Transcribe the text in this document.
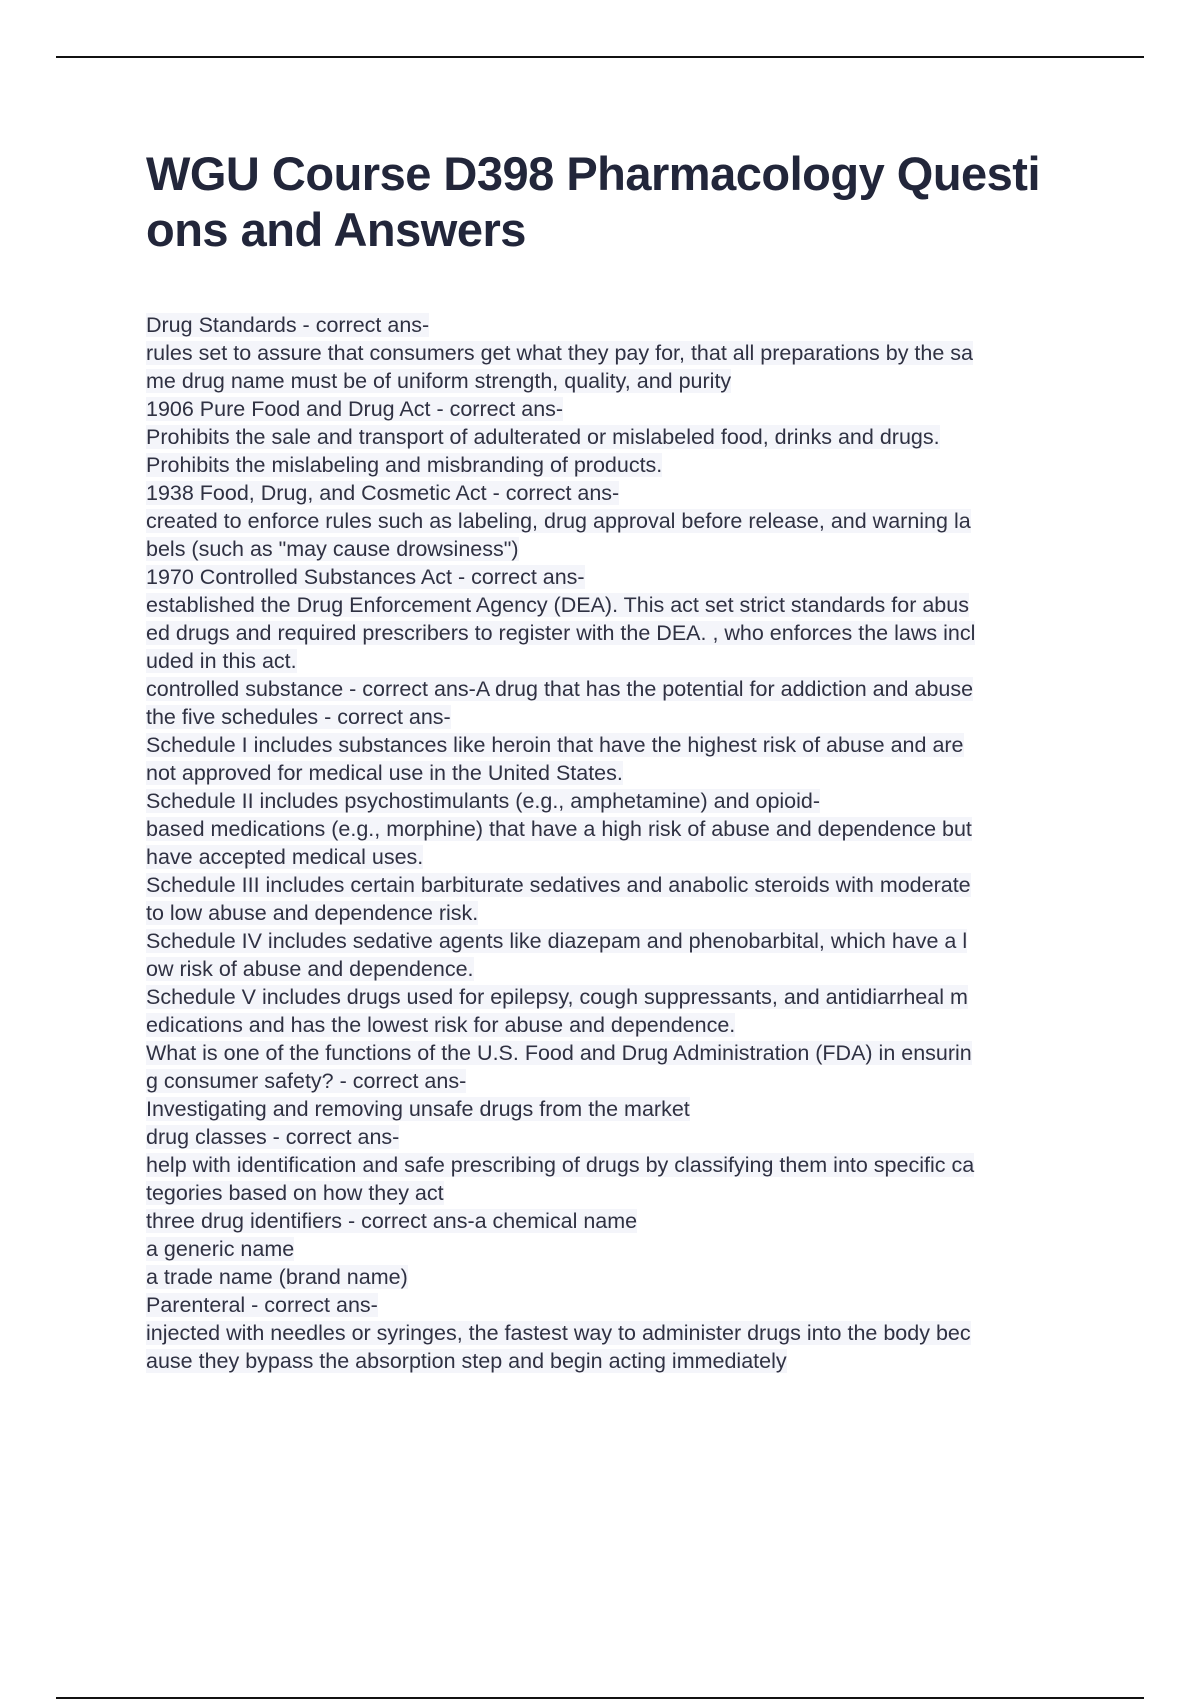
WGU Course D398 Pharmacology Questi
ons and Answers
Drug Standards - correct ans-
rules set to assure that consumers get what they pay for, that all preparations by the sa
me drug name must be of uniform strength, quality, and purity
1906 Pure Food and Drug Act - correct ans-
Prohibits the sale and transport of adulterated or mislabeled food, drinks and drugs.
Prohibits the mislabeling and misbranding of products.
1938 Food, Drug, and Cosmetic Act - correct ans-
created to enforce rules such as labeling, drug approval before release, and warning la
bels (such as "may cause drowsiness")
1970 Controlled Substances Act - correct ans-
established the Drug Enforcement Agency (DEA). This act set strict standards for abus
ed drugs and required prescribers to register with the DEA. , who enforces the laws incl
uded in this act.
controlled substance - correct ans-A drug that has the potential for addiction and abuse
the five schedules - correct ans-
Schedule I includes substances like heroin that have the highest risk of abuse and are
not approved for medical use in the United States.
Schedule II includes psychostimulants (e.g., amphetamine) and opioid-
based medications (e.g., morphine) that have a high risk of abuse and dependence but
have accepted medical uses.
Schedule III includes certain barbiturate sedatives and anabolic steroids with moderate
to low abuse and dependence risk.
Schedule IV includes sedative agents like diazepam and phenobarbital, which have a l
ow risk of abuse and dependence.
Schedule V includes drugs used for epilepsy, cough suppressants, and antidiarrheal m
edications and has the lowest risk for abuse and dependence.
What is one of the functions of the U.S. Food and Drug Administration (FDA) in ensurin
g consumer safety? - correct ans-
Investigating and removing unsafe drugs from the market
drug classes - correct ans-
help with identification and safe prescribing of drugs by classifying them into specific ca
tegories based on how they act
three drug identifiers - correct ans-a chemical name
a generic name
a trade name (brand name)
Parenteral - correct ans-
injected with needles or syringes, the fastest way to administer drugs into the body bec
ause they bypass the absorption step and begin acting immediately
